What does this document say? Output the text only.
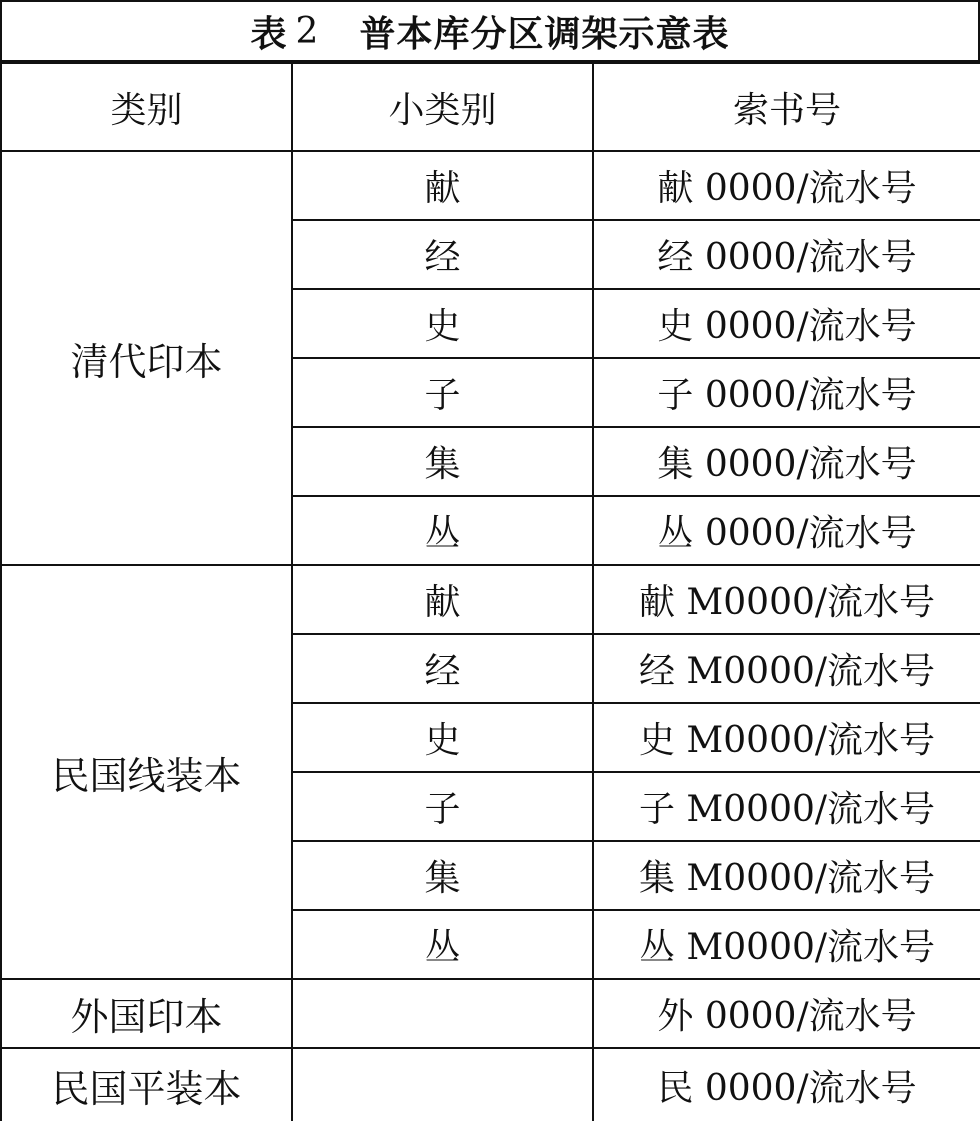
表 2 普本库分区调架示意表
类别	小类别	索书号
清代印本	献	献 0000/流水号
	经	经 0000/流水号
	史	史 0000/流水号
	子	子 0000/流水号
	集	集 0000/流水号
	丛	丛 0000/流水号
民国线装本	献	献 M0000/流水号
	经	经 M0000/流水号
	史	史 M0000/流水号
	子	子 M0000/流水号
	集	集 M0000/流水号
	丛	丛 M0000/流水号
外国印本		外 0000/流水号
民国平装本		民 0000/流水号
